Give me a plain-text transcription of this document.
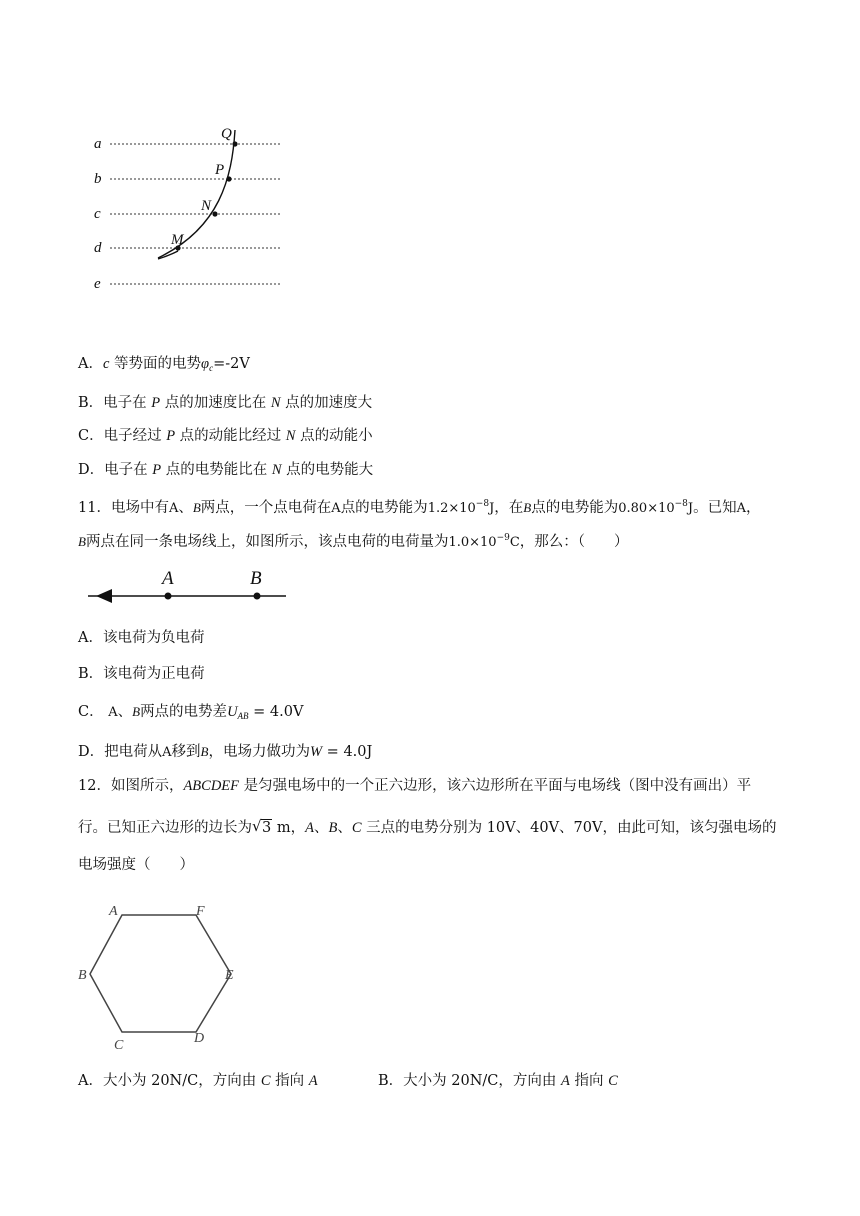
a
b
c
d
e
Q
P
N
M
A．c 等势面的电势$\varphi_c=-2V$
B．电子在 P 点的加速度比在 N 点的加速度大
C．电子经过 P 点的动能比经过 N 点的动能小
D．电子在 P 点的电势能比在 N 点的电势能大
11．电场中有A、B两点，一个点电荷在A点的电势能为$1.2\times 10^{-8}J$，在B点的电势能为$0.80\times 10^{-8}J$。已知A，
B两点在同一条电场线上，如图所示，该点电荷的电荷量为$1.0\times 10^{-9}C$，那么：（　　）
A	B
A．该电荷为负电荷
B．该电荷为正电荷
C． A、B两点的电势差$U_{AB} = 4.0V$
D．把电荷从A移到B，电场力做功为W = 4.0J
12．如图所示，ABCDEF 是匀强电场中的一个正六边形，该六边形所在平面与电场线（图中没有画出）平
行。已知正六边形的边长为 √ 3 m，A、B、C 三点的电势分别为 10V、40V、70V，由此可知，该匀强电场的
电场强度（　　）
A	F
B	E
C	D
A．大小为 20N/C，方向由 C 指向 A	B．大小为 20N/C，方向由 A 指向 C
